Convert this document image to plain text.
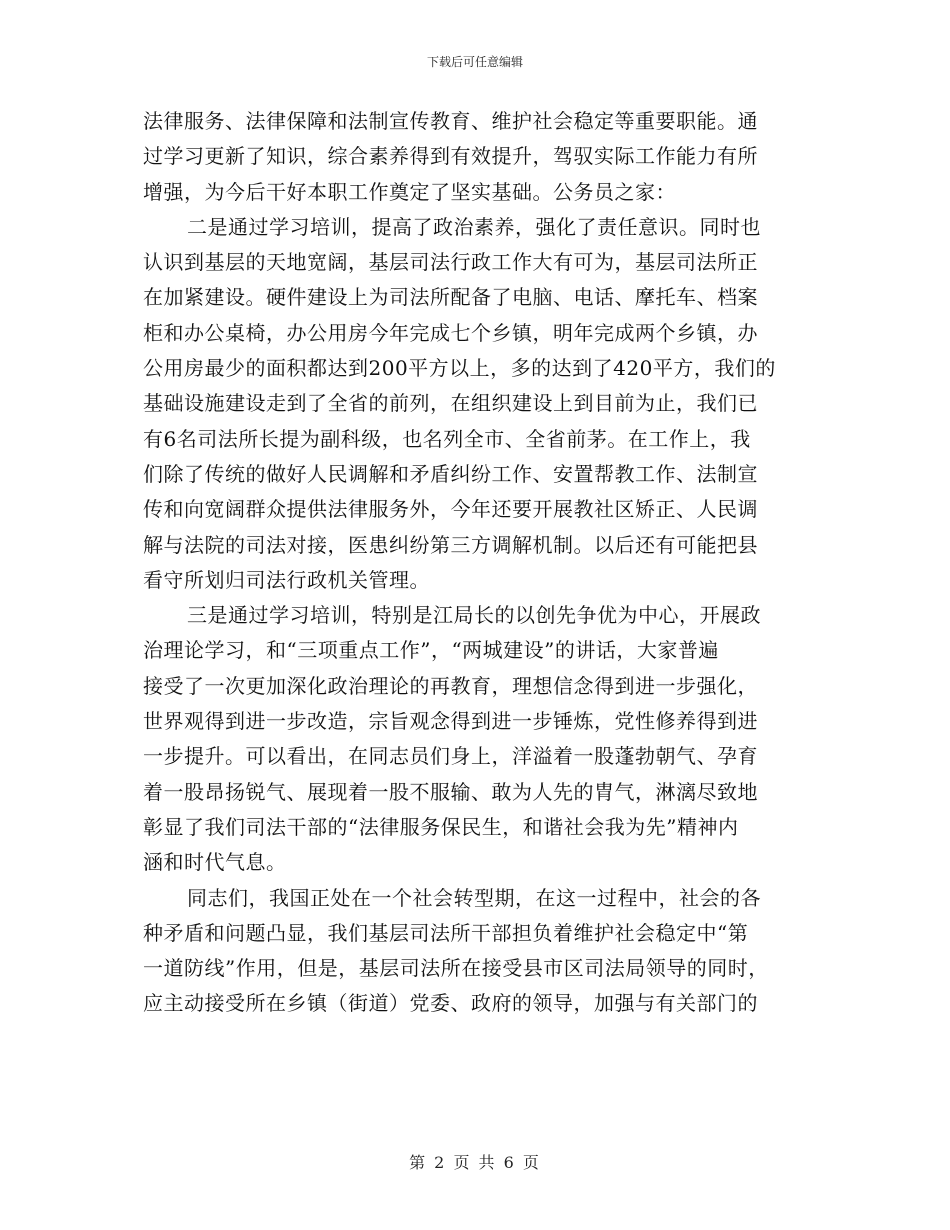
下载后可任意编辑
法律服务、法律保障和法制宣传教育、维护社会稳定等重要职能。通
过学习更新了知识，综合素养得到有效提升，驾驭实际工作能力有所
增强，为今后干好本职工作奠定了坚实基础。公务员之家：
二是通过学习培训，提高了政治素养，强化了责任意识。同时也
认识到基层的天地宽阔，基层司法行政工作大有可为，基层司法所正
在加紧建设。硬件建设上为司法所配备了电脑、电话、摩托车、档案
柜和办公桌椅，办公用房今年完成七个乡镇，明年完成两个乡镇，办
公用房最少的面积都达到200平方以上，多的达到了420平方，我们的
基础设施建设走到了全省的前列，在组织建设上到目前为止，我们已
有6名司法所长提为副科级，也名列全市、全省前茅。在工作上，我
们除了传统的做好人民调解和矛盾纠纷工作、安置帮教工作、法制宣
传和向宽阔群众提供法律服务外，今年还要开展教社区矫正、人民调
解与法院的司法对接，医患纠纷第三方调解机制。以后还有可能把县
看守所划归司法行政机关管理。
三是通过学习培训，特别是江局长的以创先争优为中心，开展政
治理论学习，和“三项重点工作”，“两城建设”的讲话，大家普遍
接受了一次更加深化政治理论的再教育，理想信念得到进一步强化，
世界观得到进一步改造，宗旨观念得到进一步锤炼，党性修养得到进
一步提升。可以看出，在同志员们身上，洋溢着一股蓬勃朝气、孕育
着一股昂扬锐气、展现着一股不服输、敢为人先的胄气，淋漓尽致地
彰显了我们司法干部的“法律服务保民生，和谐社会我为先”精神内
涵和时代气息。
同志们，我国正处在一个社会转型期，在这一过程中，社会的各
种矛盾和问题凸显，我们基层司法所干部担负着维护社会稳定中“第
一道防线”作用，但是，基层司法所在接受县市区司法局领导的同时，
应主动接受所在乡镇（街道）党委、政府的领导，加强与有关部门的
第 2 页 共 6 页
